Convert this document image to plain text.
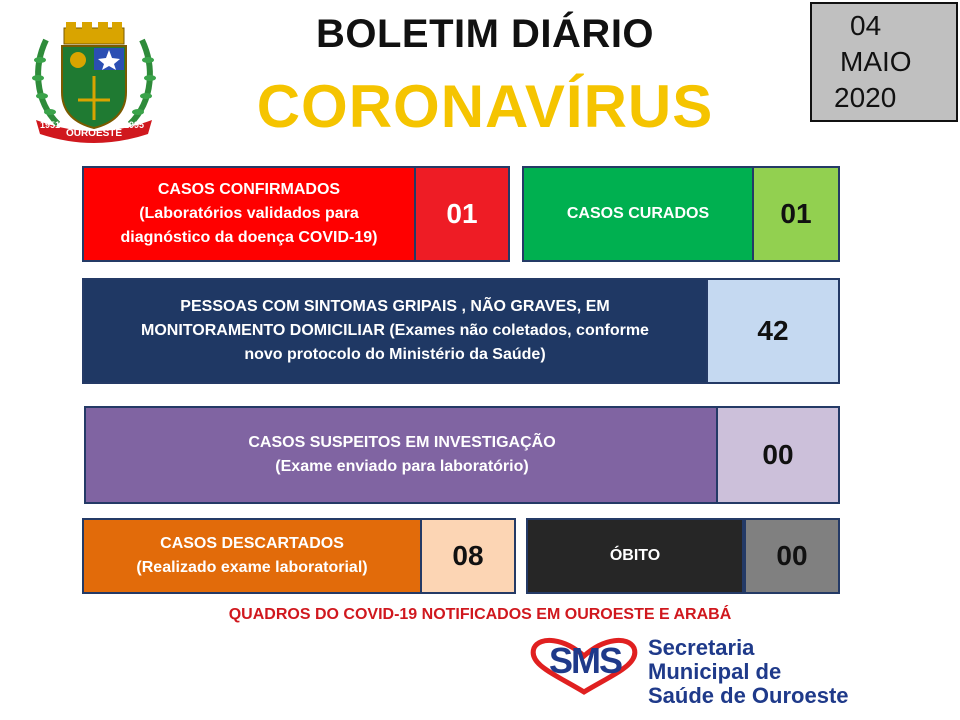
1951	1995
OUROESTE
BOLETIM DIÁRIO
CORONAVÍRUS
04
MAIO
2020
CASOS CONFIRMADOS
(Laboratórios validados para
diagnóstico da doença COVID-19)
01	CASOS CURADOS	01
PESSOAS COM SINTOMAS GRIPAIS , NÃO GRAVES, EM
MONITORAMENTO DOMICILIAR (Exames não coletados, conforme
novo protocolo do Ministério da Saúde)
42
CASOS SUSPEITOS EM INVESTIGAÇÃO
(Exame enviado para laboratório)	00
CASOS DESCARTADOS
(Realizado exame laboratorial)	08	ÓBITO	00
QUADROS DO COVID-19 NOTIFICADOS EM OUROESTE E ARABÁ
SMS	Secretaria
Municipal de
Saúde de Ouroeste
